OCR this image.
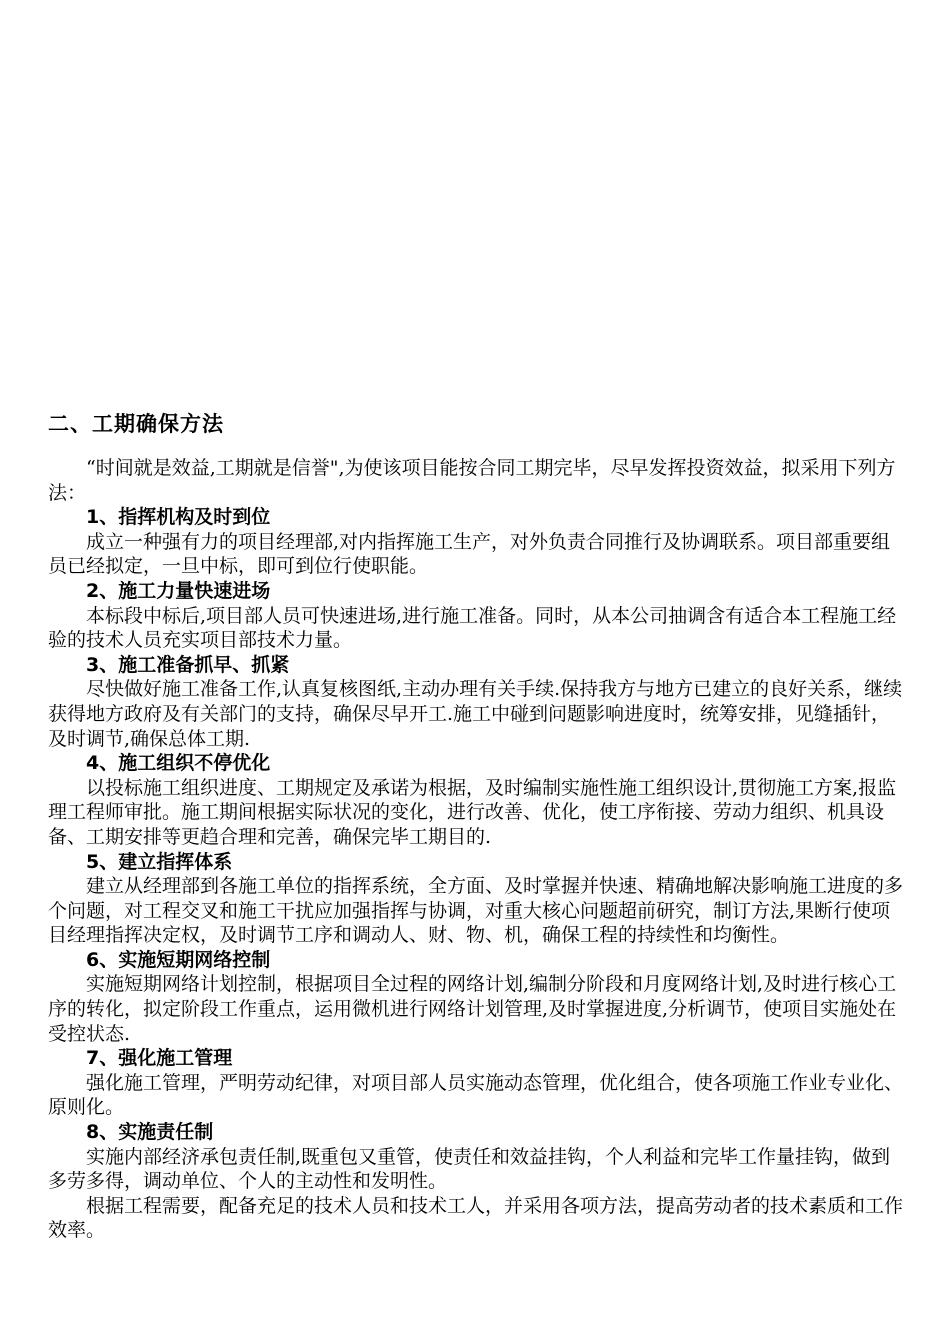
二、工期确保方法

“时间就是效益,工期就是信誉",为使该项目能按合同工期完毕，尽早发挥投资效益，拟采用下列方法：

1、指挥机构及时到位

成立一种强有力的项目经理部,对内指挥施工生产，对外负责合同推行及协调联系。项目部重要组员已经拟定，一旦中标，即可到位行使职能。

2、施工力量快速进场

本标段中标后,项目部人员可快速进场,进行施工准备。同时，从本公司抽调含有适合本工程施工经验的技术人员充实项目部技术力量。

3、施工准备抓早、抓紧

尽快做好施工准备工作,认真复核图纸,主动办理有关手续.保持我方与地方已建立的良好关系，继续获得地方政府及有关部门的支持，确保尽早开工.施工中碰到问题影响进度时，统筹安排，见缝插针，及时调节,确保总体工期.

4、施工组织不停优化

以投标施工组织进度、工期规定及承诺为根据，及时编制实施性施工组织设计,贯彻施工方案,报监理工程师审批。施工期间根据实际状况的变化，进行改善、优化，使工序衔接、劳动力组织、机具设备、工期安排等更趋合理和完善，确保完毕工期目的.

5、建立指挥体系

建立从经理部到各施工单位的指挥系统，全方面、及时掌握并快速、精确地解决影响施工进度的多个问题，对工程交叉和施工干扰应加强指挥与协调，对重大核心问题超前研究，制订方法,果断行使项目经理指挥决定权，及时调节工序和调动人、财、物、机，确保工程的持续性和均衡性。

6、实施短期网络控制

实施短期网络计划控制，根据项目全过程的网络计划,编制分阶段和月度网络计划,及时进行核心工序的转化，拟定阶段工作重点，运用微机进行网络计划管理,及时掌握进度,分析调节，使项目实施处在受控状态.

7、强化施工管理

强化施工管理，严明劳动纪律，对项目部人员实施动态管理，优化组合，使各项施工作业专业化、原则化。

8、实施责任制

实施内部经济承包责任制,既重包又重管，使责任和效益挂钩，个人利益和完毕工作量挂钩，做到多劳多得，调动单位、个人的主动性和发明性。

根据工程需要，配备充足的技术人员和技术工人，并采用各项方法，提高劳动者的技术素质和工作效率。
